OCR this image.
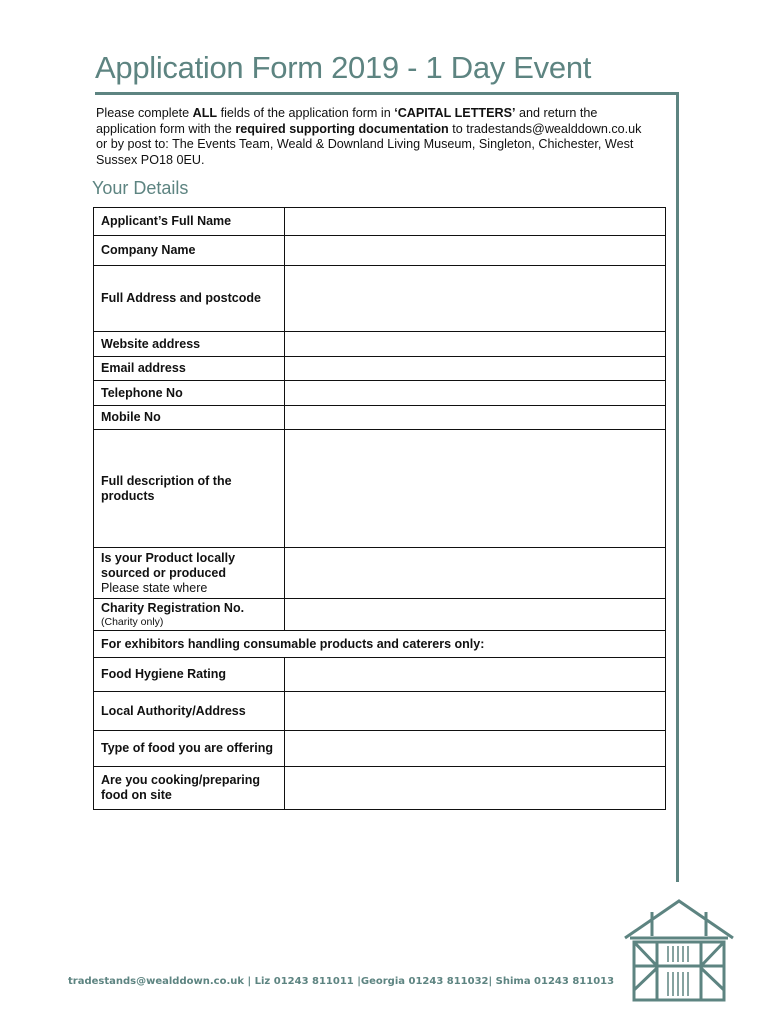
Application Form 2019 - 1 Day Event
Please complete ALL fields of the application form in ‘CAPITAL LETTERS’ and return the application form with the required supporting documentation to tradestands@wealddown.co.uk or by post to: The Events Team, Weald & Downland Living Museum, Singleton, Chichester, West Sussex PO18 0EU.
Your Details
Applicant’s Full Name	
Company Name	
Full Address and postcode	
Website address	
Email address	
Telephone No	
Mobile No	
Full description of the products	
Is your Product locally sourced or produced
Please state where	

Charity Registration No.
(Charity only)	

For exhibitors handling consumable products and caterers only:	
Food Hygiene Rating	
Local Authority/Address	
Type of food you are offering	
Are you cooking/preparing food on site	
tradestands@wealddown.co.uk | Liz 01243 811011 |Georgia 01243 811032| Shima 01243 811013
